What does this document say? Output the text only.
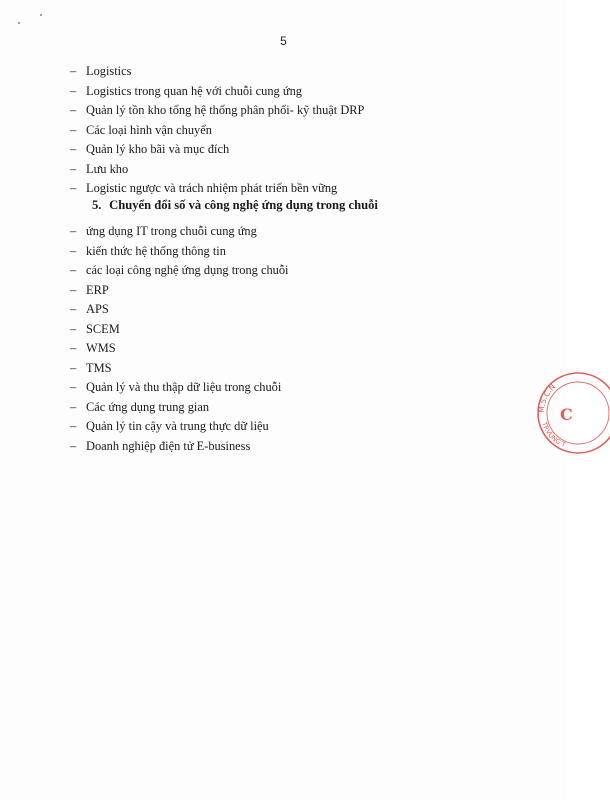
5
– Logistics
– Logistics trong quan hệ với chuỗi cung ứng
– Quản lý tồn kho tổng hệ thống phân phối- kỹ thuật DRP
– Các loại hình vận chuyển
– Quản lý kho bãi và mục đích
– Lưu kho
– Logistic ngược và trách nhiệm phát triển bền vững
5. Chuyển đổi số và công nghệ ứng dụng trong chuỗi
– ứng dụng IT trong chuỗi cung ứng
– kiến thức hệ thống thông tin
– các loại công nghệ ứng dụng trong chuỗi
– ERP
– APS
– SCEM
– WMS
– TMS
– Quản lý và thu thập dữ liệu trong chuỗi
– Các ứng dụng trung gian
– Quản lý tin cậy và trung thực dữ liệu
– Doanh nghiệp điện tử E-business
M.S.C.N
TP.VŨNG T
C
